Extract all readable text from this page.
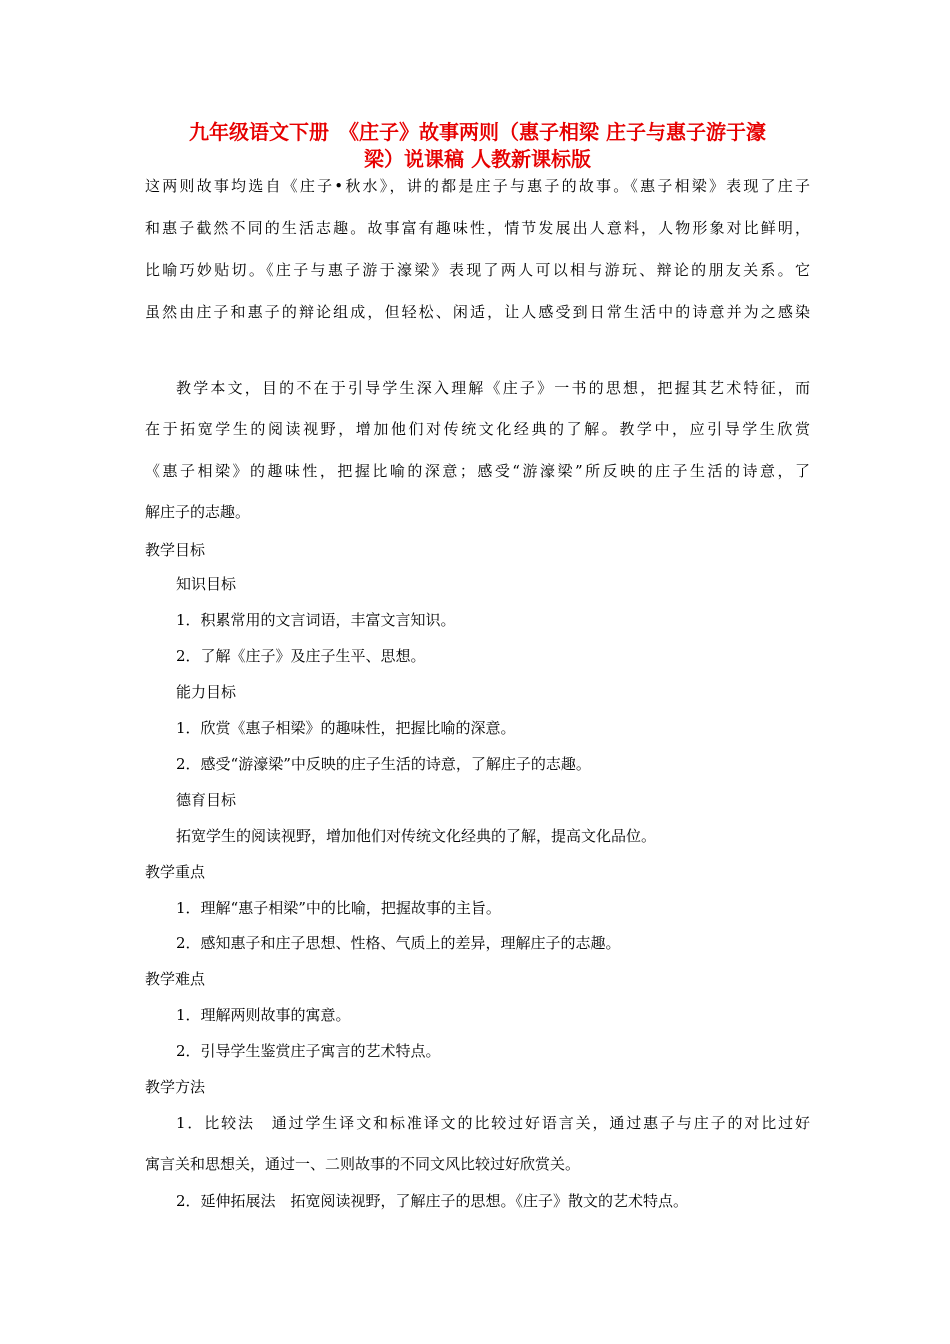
九年级语文下册　《庄子》故事两则（惠子相梁 庄子与惠子游于濠
梁）说课稿 人教新课标版

这两则故事均选自《庄子•秋水》，讲的都是庄子与惠子的故事。《惠子相梁》表现了庄子

和惠子截然不同的生活志趣。故事富有趣味性，情节发展出人意料，人物形象对比鲜明，

比喻巧妙贴切。《庄子与惠子游于濠梁》表现了两人可以相与游玩、辩论的朋友关系。它

虽然由庄子和惠子的辩论组成，但轻松、闲适，让人感受到日常生活中的诗意并为之感染

教学本文，目的不在于引导学生深入理解《庄子》一书的思想，把握其艺术特征，而

在于拓宽学生的阅读视野，增加他们对传统文化经典的了解。教学中，应引导学生欣赏

《惠子相梁》的趣味性，把握比喻的深意；感受“游濠梁”所反映的庄子生活的诗意，了

解庄子的志趣。

教学目标

知识目标

1．积累常用的文言词语，丰富文言知识。

2．了解《庄子》及庄子生平、思想。

能力目标

1．欣赏《惠子相梁》的趣味性，把握比喻的深意。

2．感受“游濠梁”中反映的庄子生活的诗意，了解庄子的志趣。

德育目标

拓宽学生的阅读视野，增加他们对传统文化经典的了解，提高文化品位。

教学重点

1．理解“惠子相梁”中的比喻，把握故事的主旨。

2．感知惠子和庄子思想、性格、气质上的差异，理解庄子的志趣。

教学难点

1．理解两则故事的寓意。

2．引导学生鉴赏庄子寓言的艺术特点。

教学方法

1．比较法　通过学生译文和标准译文的比较过好语言关，通过惠子与庄子的对比过好

寓言关和思想关，通过一、二则故事的不同文风比较过好欣赏关。

2．延伸拓展法　拓宽阅读视野，了解庄子的思想。《庄子》散文的艺术特点。
